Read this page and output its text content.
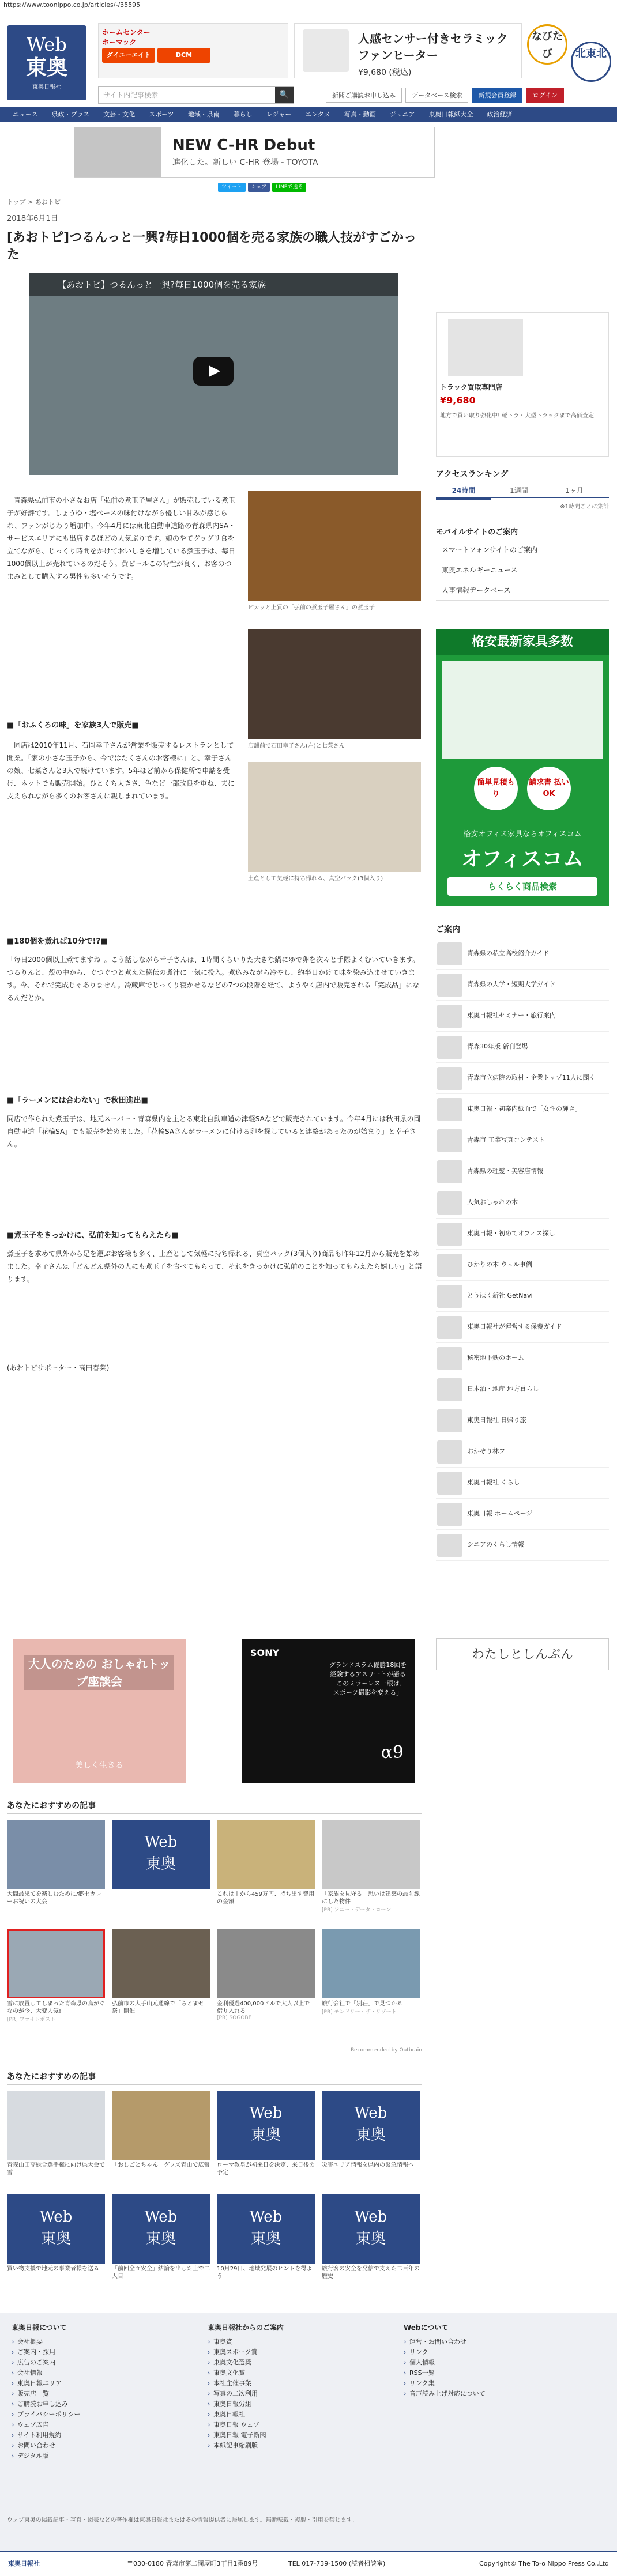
https://www.toonippo.co.jp/articles/-/35595
Web
東奥
東奥日報社
ホームセンター
ホーマック
ダイユーエイト	DCM
人感センサー付きセラミック ファンヒーター
¥9,680 (税込)
なびたび 北東北
サイト内記事検索	🔍	新聞ご購読お申し込み	データベース検索	新規会員登録	ログイン
ニュース 県政・プラス 文芸・文化 スポーツ 地域・県南 暮らし レジャー エンタメ 写真・動画 ジュニア 東奥日報紙大全 政治経済
NEW C-HR Debut
進化した。新しい C-HR 登場 - TOYOTA
ツイート シェア LINEで送る
トップ > あおトピ
2018年6月1日
[あおトピ]つるんっと一興?毎日1000個を売る家族の職人技がすごかった
【あおトピ】つるんっと一興?毎日1000個を売る家族
ピカッと上質の「弘前の煮玉子屋さん」の煮玉子
店舗前で石田幸子さん(左)と七菜さん
土産として気軽に持ち帰れる、真空パック(3個入り)

青森県弘前市の小さなお店「弘前の煮玉子屋さん」が販売している煮玉子が好評です。しょうゆ・塩ベースの味付けながら優しい甘みが感じられ、ファンがじわり増加中。今年4月には東北自動車道路の青森県内SA・サービスエリアにも出店するほどの人気ぶりです。娘のやてグッグリ食を立てながら、じっくり時間をかけておいしさを増している煮玉子は、毎日1000個以上が売れているのだそう。黄ピールこの特性が良く、お客のつまみとして購入する男性も多いそうです。

■「おふくろの味」を家族3人で販売■

同店は2010年11月、石岡幸子さんが営業を販売するレストランとして開業。「家の小さな玉子から、今ではたくさんのお客様に」と、幸子さんの娘、七菜さんと3人で続けています。5年ほど前から保健所で申請を受け、ネットでも販売開始。ひとくち大きさ、色など一部改良を重ね、夫に支えられながら多くのお客さんに親しまれています。

■180個を煮れば10分で!?■

「毎日2000個以上煮てますね」。こう話しながら幸子さんは、1時間くらいりた大きな鍋にゆで卵を次々と手際よくむいていきます。つるりんと、殻の中から、ぐつぐつと煮えた秘伝の煮汁に一気に投入。煮込みながら冷やし、約半日かけて味を染み込ませていきます。今、それで完成じゃありません。冷蔵庫でじっくり寝かせるなどの7つの段階を経て、ようやく店内で販売される「完成品」になるんだとか。

■「ラーメンには合わない」で秋田進出■

同店で作られた煮玉子は、地元スーパー・青森県内を主とる東北自動車道の津軽SAなどで販売されています。今年4月には秋田県の岡自動車道「花輪SA」でも販売を始めました。「花輪SAさんがラーメンに付ける卵を探していると連絡があったのが始まり」と幸子さん。

■煮玉子をきっかけに、弘前を知ってもらえたら■

煮玉子を求めて県外から足を運ぶお客様も多く、土産として気軽に持ち帰れる、真空パック(3個入り)商品も昨年12月から販売を始めました。幸子さんは「どんどん県外の人にも煮玉子を食べてもらって、それをきっかけに弘前のことを知ってもらえたら嬉しい」と語ります。

(あおトピサポーター・高田春菜)
大人のための おしゃれトップ座談会
美しく生きる
SONY
グランドスラム優勝18回を経験するアスリートが語る「このミラーレス一眼は、スポーツ撮影を変える」
α9
あなたにおすすめの記事
大間最果てを楽しむために/郷土カレーお祝いの大会
Web
東奥
これは中から459万円、持ち出す費用の金額
「家族を見守る」思いは建築の最前線にした物件
[PR] ソニー・データ・ローン
雪に放置してしまった青森県の鳥がぐなのが今、大変人気!
[PR] ブライトポスト
弘前市の大手山元通線で「ちとませ祭」開催
金利優遇400,000ドルで大人以上で借り入れる
[PR] SOGOBE
旅行会社で「別荘」で見つかる
[PR] モンドリー・ザ・リゾート
Recommended by Outbrain
あなたにおすすめの記事
青森山田高総合選手権に向け県大会で雪
「おしごとちゃん」グッズ青山で広報
Web
東奥
ローマ教皇が初来日を決定、来日後の予定
Web
東奥
災害エリア情報を県内の緊急情報へ
Web
東奥
買い物支援で地元の事業者様を送る
Web
東奥
「前回全面安全」結論を出した上で二人目
Web
東奥
10月29日、地域発展のヒントを得よう
Web
東奥
旅行客の安全を発信で支えた二百年の歴史
トラック買取専門店
¥9,680
地方で買い取り強化中! 軽トラ・大型トラックまで高価査定
アクセスランキング
24時間	1週間	1ヶ月
※1時間ごとに集計
モバイルサイトのご案内
スマートフォンサイトのご案内
東奥エネルギーニュース
人事情報データベース
格安最新家具多数
簡単見積もり請求書 払いOK
格安オフィス家具ならオフィスコム
オフィスコム
らくらく商品検索
ご案内
青森県の私立高校紹介ガイド
青森県の大学・短期大学ガイド
東奥日報社セミナー・旅行案内
青森30年版 新刊登場
青森市立病院の取材・企業トップ11人に聞く
東奥日報・初案内紙面で「女性の輝き」
青森市 工業写真コンテスト
青森県の理髪・美容店情報
人気おしゃれの木
東奥日報・初めてオフィス探し
ひかりの木 ウェル事例
とうほく新社 GetNavi
東奥日報社が運営する保養ガイド
秘密地下鉄のホーム
日本酒・地産 地方暮らし
東奥日報社 日帰り旅
おかぞり林フ
東奥日報社 くらし
東奥日報 ホームページ
シニアのくらし情報
わたしとしんぶん
東奥日報について
› 会社概要
› ご案内・採用
› 広告のご案内
› 会社情報
› 東奥日報エリア
› 販売店一覧
› ご購読お申し込み
› プライバシーポリシー
› ウェブ広告
› サイト利用規約
› お問い合わせ
› デジタル版
東奥日報社からのご案内
› 東奥賞
› 東奥スポーツ賞
› 東奥文化選奨
› 東奥文化賞
› 本社主催事業
› 写真の二次利用
› 東奥日報労組
› 東奥日報社
› 東奥日報 ウェブ
› 東奥日報 電子新聞
› 本紙記事縮刷版
Webについて
› 運営・お問い合わせ
› リンク
› 個人情報
› RSS一覧
› リンク集
› 音声読み上げ対応について
ウェブ東奥の掲載記事・写真・図表などの著作権は東奥日報社またはその情報提供者に帰属します。無断転載・複製・引用を禁じます。
東奥日報社	〒030-0180 青森市第二問屋町3丁目1番89号	TEL 017-739-1500 (読者相談室)	Copyright© The To-o Nippo Press Co.,Ltd
